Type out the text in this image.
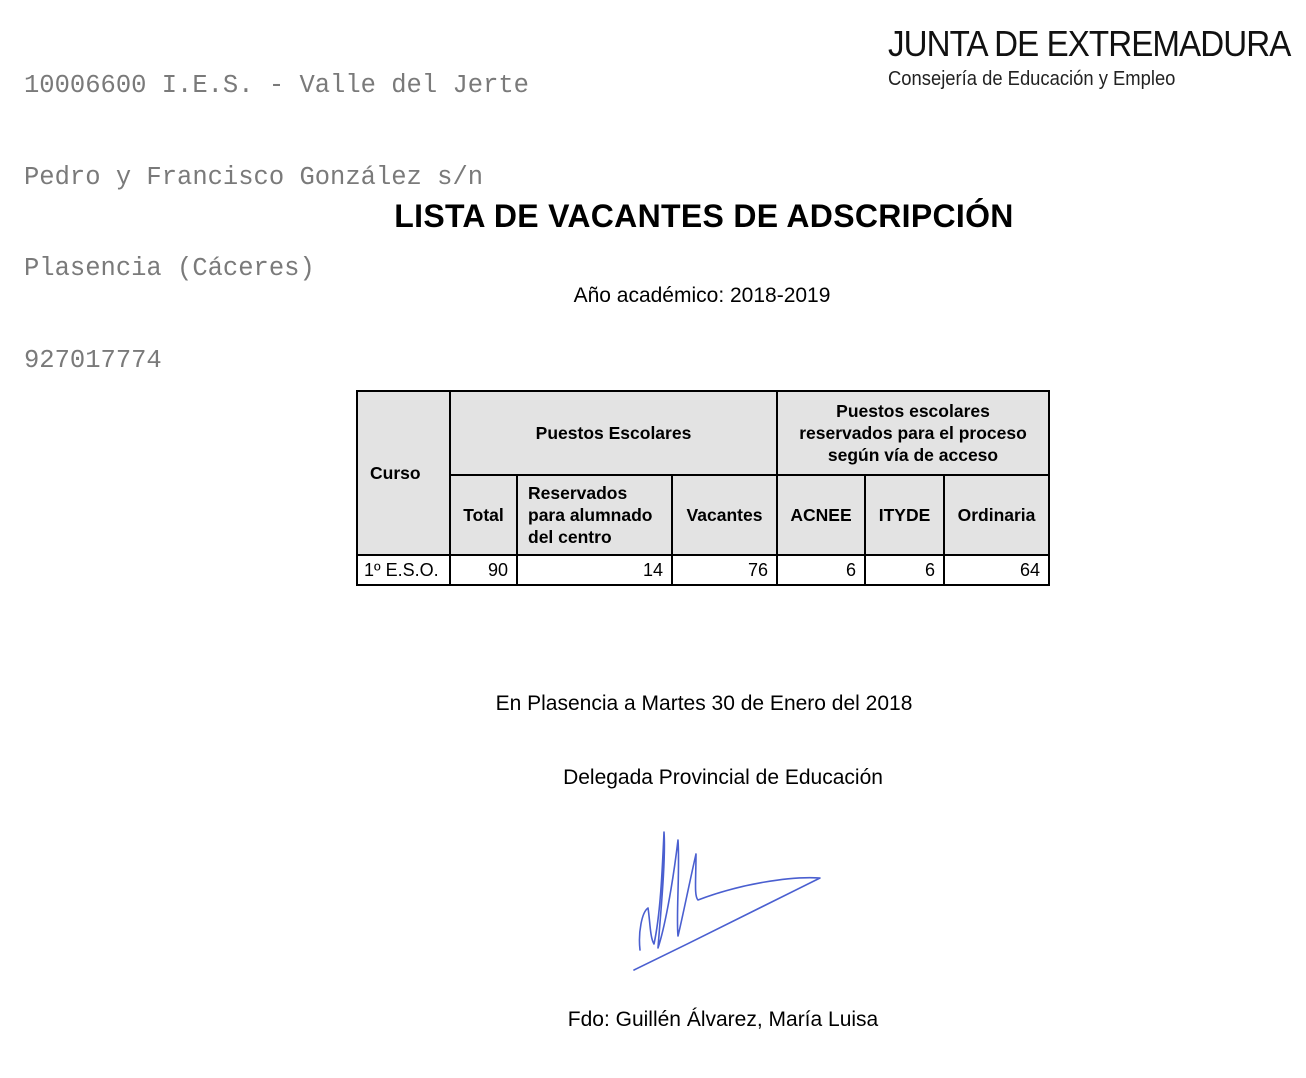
10006600 I.E.S. - Valle del Jerte

Pedro y Francisco González s/n

Plasencia (Cáceres)

927017774

JUNTA DE EXTREMADURA
Consejería de Educación y Empleo
LISTA DE VACANTES DE ADSCRIPCIÓN
Año académico: 2018-2019
Curso	Puestos Escolares			Puestos escolares
reservados para el proceso
según vía de acceso		

	Total	Reservados
para alumnado
del centro	Vacantes	ACNEE	ITYDE	Ordinaria
1º E.S.O.	90	14	76	6	6	64
En Plasencia a Martes 30 de Enero del 2018
Delegada Provincial de Educación
Fdo: Guillén Álvarez, María Luisa
